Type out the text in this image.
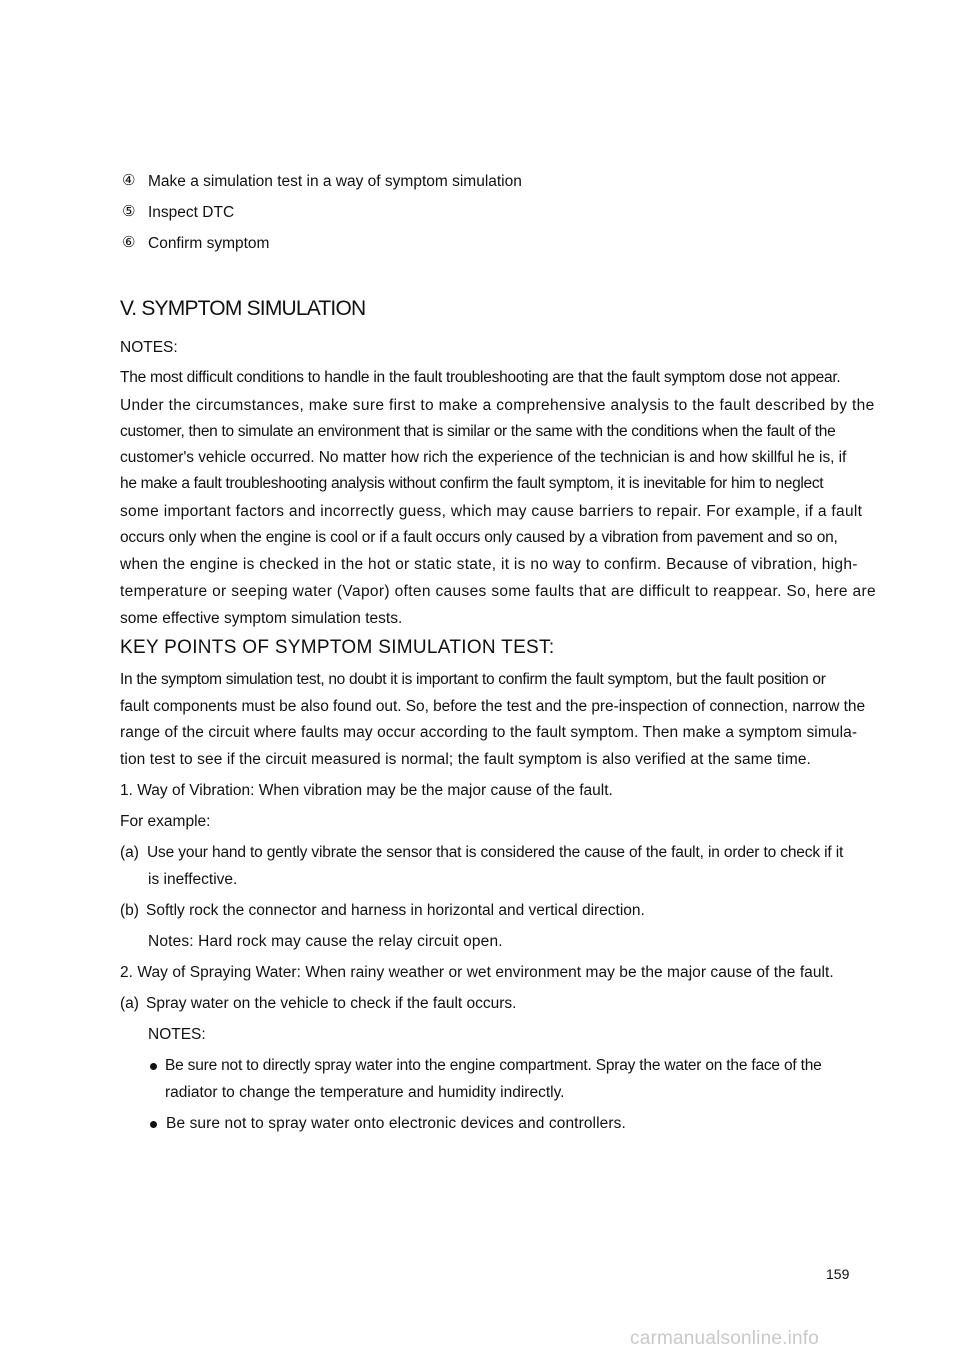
④ Make a simulation test in a way of symptom simulation
⑤ Inspect DTC
⑥ Confirm symptom
V. SYMPTOM SIMULATION
NOTES:
The most difficult conditions to handle in the fault troubleshooting are that the fault symptom dose not appear.
Under the circumstances, make sure first to make a comprehensive analysis to the fault described by the
customer, then to simulate an environment that is similar or the same with the conditions when the fault of the
customer's vehicle occurred. No matter how rich the experience of the technician is and how skillful he is, if
he make a fault troubleshooting analysis without confirm the fault symptom, it is inevitable for him to neglect
some important factors and incorrectly guess, which may cause barriers to repair. For example, if a fault
occurs only when the engine is cool or if a fault occurs only caused by a vibration from pavement and so on,
when the engine is checked in the hot or static state, it is no way to confirm. Because of vibration, high-
temperature or seeping water (Vapor) often causes some faults that are difficult to reappear. So, here are
some effective symptom simulation tests.
KEY POINTS OF SYMPTOM SIMULATION TEST:
In the symptom simulation test, no doubt it is important to confirm the fault symptom, but the fault position or
fault components must be also found out. So, before the test and the pre-inspection of connection, narrow the
range of the circuit where faults may occur according to the fault symptom. Then make a symptom simula-
tion test to see if the circuit measured is normal; the fault symptom is also verified at the same time.
1. Way of Vibration: When vibration may be the major cause of the fault.
For example:
(a) Use your hand to gently vibrate the sensor that is considered the cause of the fault, in order to check if it
is ineffective.
(b) Softly rock the connector and harness in horizontal and vertical direction.
Notes: Hard rock may cause the relay circuit open.
2. Way of Spraying Water: When rainy weather or wet environment may be the major cause of the fault.
(a) Spray water on the vehicle to check if the fault occurs.
NOTES:
Be sure not to directly spray water into the engine compartment. Spray the water on the face of the
radiator to change the temperature and humidity indirectly.
Be sure not to spray water onto electronic devices and controllers.
159
carmanualsonline.info
